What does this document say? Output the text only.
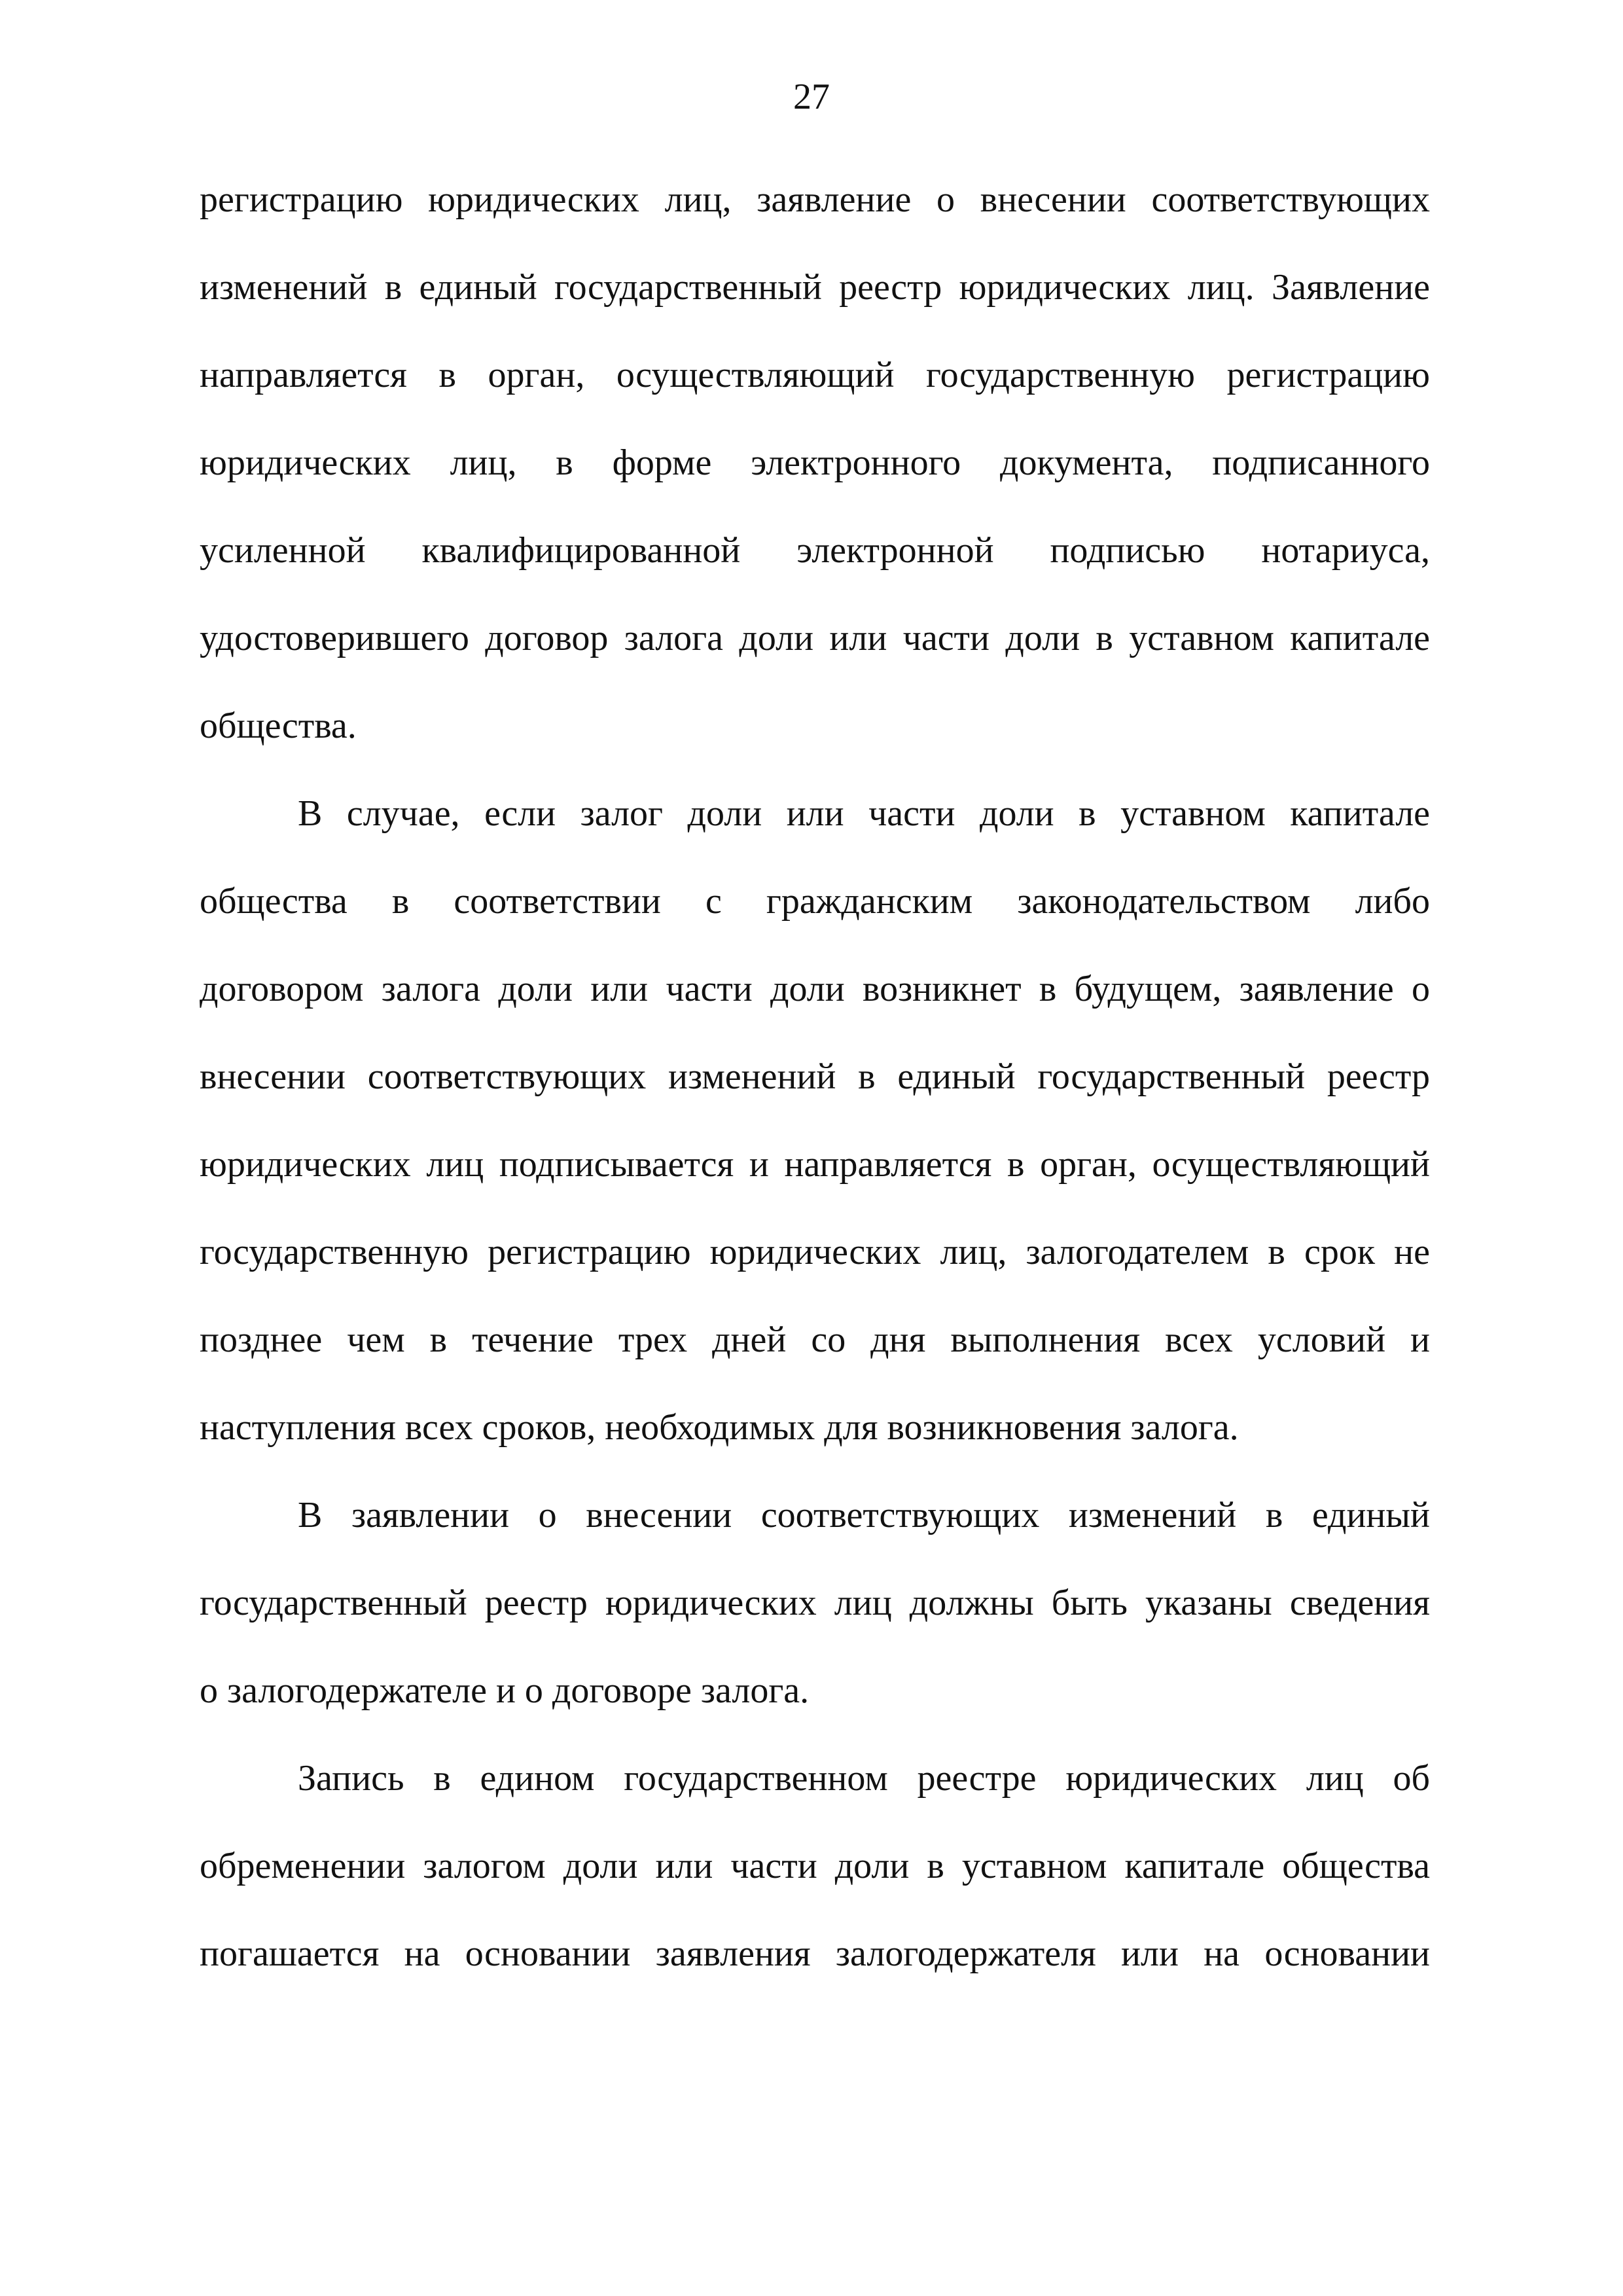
27

регистрацию юридических лиц, заявление о внесении соответствующих
изменений в единый государственный реестр юридических лиц. Заявление
направляется в орган, осуществляющий государственную регистрацию
юридических лиц, в форме электронного документа, подписанного
усиленной квалифицированной электронной подписью нотариуса,
удостоверившего договор залога доли или части доли в уставном капитале
общества.

В случае, если залог доли или части доли в уставном капитале
общества в соответствии с гражданским законодательством либо
договором залога доли или части доли возникнет в будущем, заявление о
внесении соответствующих изменений в единый государственный реестр
юридических лиц подписывается и направляется в орган, осуществляющий
государственную регистрацию юридических лиц, залогодателем в срок не
позднее чем в течение трех дней со дня выполнения всех условий и
наступления всех сроков, необходимых для возникновения залога.

В заявлении о внесении соответствующих изменений в единый
государственный реестр юридических лиц должны быть указаны сведения
о залогодержателе и о договоре залога.

Запись в едином государственном реестре юридических лиц об
обременении залогом доли или части доли в уставном капитале общества
погашается на основании заявления залогодержателя или на основании
